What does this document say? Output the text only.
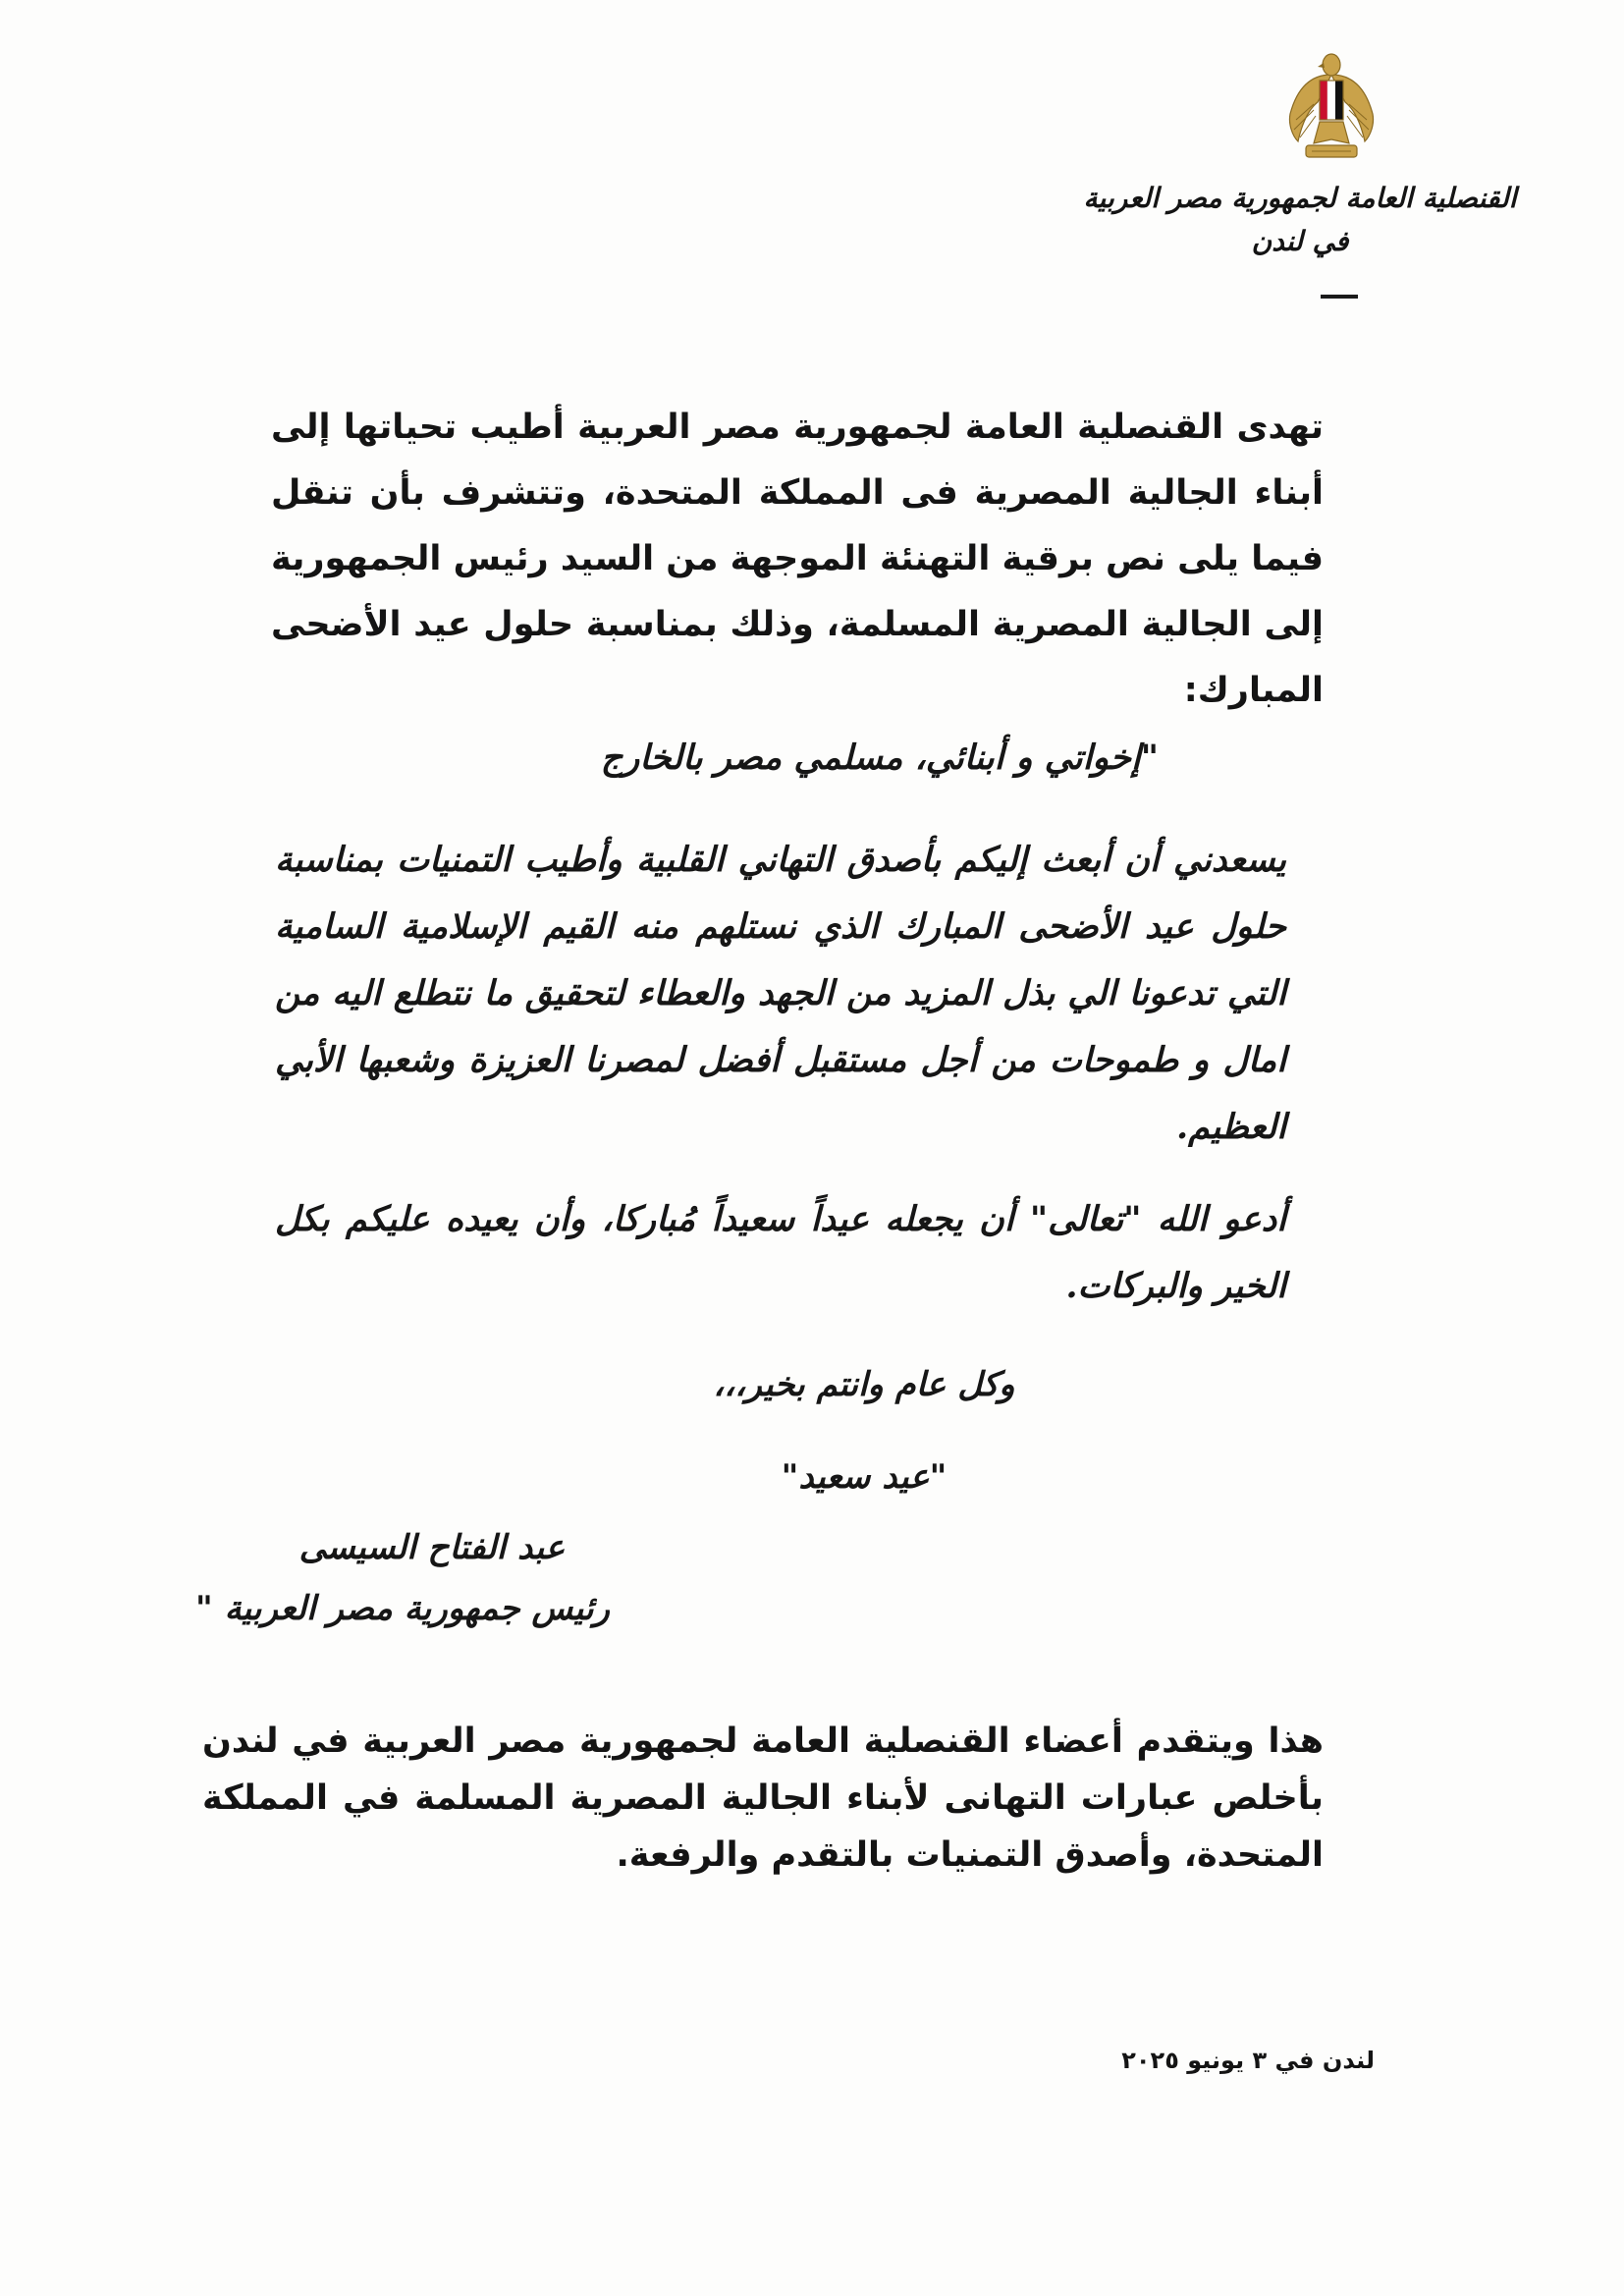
القنصلية العامة لجمهورية مصر العربية
في لندن
تهدى القنصلية العامة لجمهورية مصر العربية أطيب تحياتها إلى أبناء الجالية المصرية فى المملكة المتحدة، وتتشرف بأن تنقل فيما يلى نص برقية التهنئة الموجهة من السيد رئيس الجمهورية إلى الجالية المصرية المسلمة، وذلك بمناسبة حلول عيد الأضحى المبارك:
"إخواتي و أبنائي، مسلمي مصر بالخارج
يسعدني أن أبعث إليكم بأصدق التهاني القلبية وأطيب التمنيات بمناسبة حلول عيد الأضحى المبارك الذي نستلهم منه القيم الإسلامية السامية التي تدعونا الي بذل المزيد من الجهد والعطاء لتحقيق ما نتطلع اليه من امال و طموحات من أجل مستقبل أفضل لمصرنا العزيزة وشعبها الأبي العظيم.
أدعو الله "تعالى" أن يجعله عيداً سعيداً مُباركا، وأن يعيده عليكم بكل الخير والبركات.
وكل عام وانتم بخير،،،
"عيد سعيد"
عبد الفتاح السيسى
رئيس جمهورية مصر العربية "
هذا ويتقدم أعضاء القنصلية العامة لجمهورية مصر العربية في لندن بأخلص عبارات التهانى لأبناء الجالية المصرية المسلمة في المملكة المتحدة، وأصدق التمنيات بالتقدم والرفعة.
لندن في ٣ يونيو ٢٠٢٥
